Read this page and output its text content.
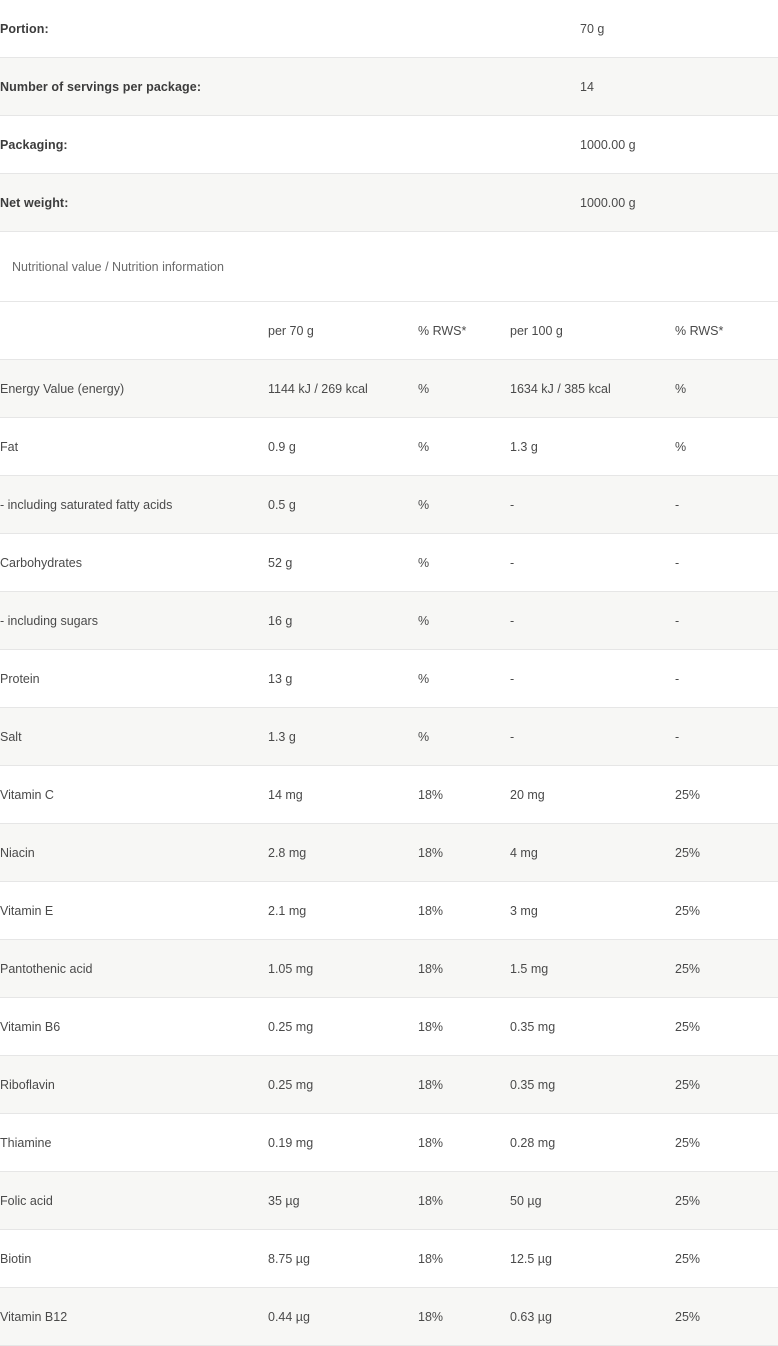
Portion:	70 g
Number of servings per package:	14
Packaging:	1000.00 g
Net weight:	1000.00 g
Nutritional value / Nutrition information
	per 70 g	% RWS*	per 100 g	% RWS*
Energy Value (energy)	1144 kJ / 269 kcal	%	1634 kJ / 385 kcal	%
Fat	0.9 g	%	1.3 g	%
- including saturated fatty acids	0.5 g	%	-	-
Carbohydrates	52 g	%	-	-
- including sugars	16 g	%	-	-
Protein	13 g	%	-	-
Salt	1.3 g	%	-	-
Vitamin C	14 mg	18%	20 mg	25%
Niacin	2.8 mg	18%	4 mg	25%
Vitamin E	2.1 mg	18%	3 mg	25%
Pantothenic acid	1.05 mg	18%	1.5 mg	25%
Vitamin B6	0.25 mg	18%	0.35 mg	25%
Riboflavin	0.25 mg	18%	0.35 mg	25%
Thiamine	0.19 mg	18%	0.28 mg	25%
Folic acid	35 µg	18%	50 µg	25%
Biotin	8.75 µg	18%	12.5 µg	25%
Vitamin B12	0.44 µg	18%	0.63 µg	25%
